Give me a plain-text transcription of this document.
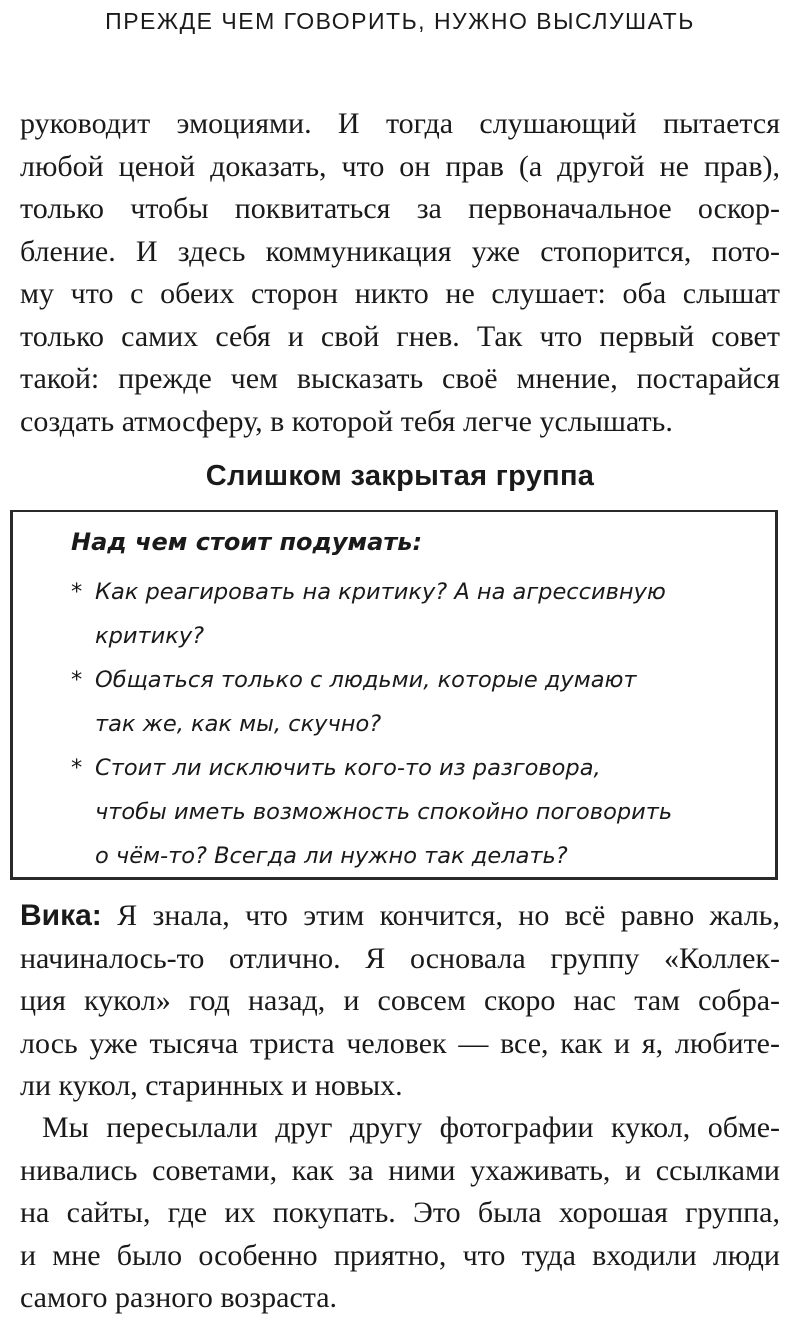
ПРЕЖДЕ ЧЕМ ГОВОРИТЬ, НУЖНО ВЫСЛУШАТЬ
руководит эмоциями. И тогда слушающий пытается
любой ценой доказать, что он прав (а другой не прав),
только чтобы поквитаться за первоначальное оскор-
бление. И здесь коммуникация уже стопорится, пото-
му что с обеих сторон никто не слушает: оба слышат
только самих себя и свой гнев. Так что первый совет
такой: прежде чем высказать своё мнение, постарайся
создать атмосферу, в которой тебя легче услышать.
Слишком закрытая группа
Над чем стоит подумать:
* Как реагировать на критику? А на агрессивную
критику?
* Общаться только с людьми, которые думают
так же, как мы, скучно?
* Стоит ли исключить кого-то из разговора,
чтобы иметь возможность спокойно поговорить
о чём-то? Всегда ли нужно так делать?
Вика: Я знала, что этим кончится, но всё равно жаль,
начиналось-то отлично. Я основала группу «Коллек-
ция кукол» год назад, и совсем скоро нас там собра-
лось уже тысяча триста человек — все, как и я, любите-
ли кукол, старинных и новых.
Мы пересылали друг другу фотографии кукол, обме-
нивались советами, как за ними ухаживать, и ссылками
на сайты, где их покупать. Это была хорошая группа,
и мне было особенно приятно, что туда входили люди
самого разного возраста.
